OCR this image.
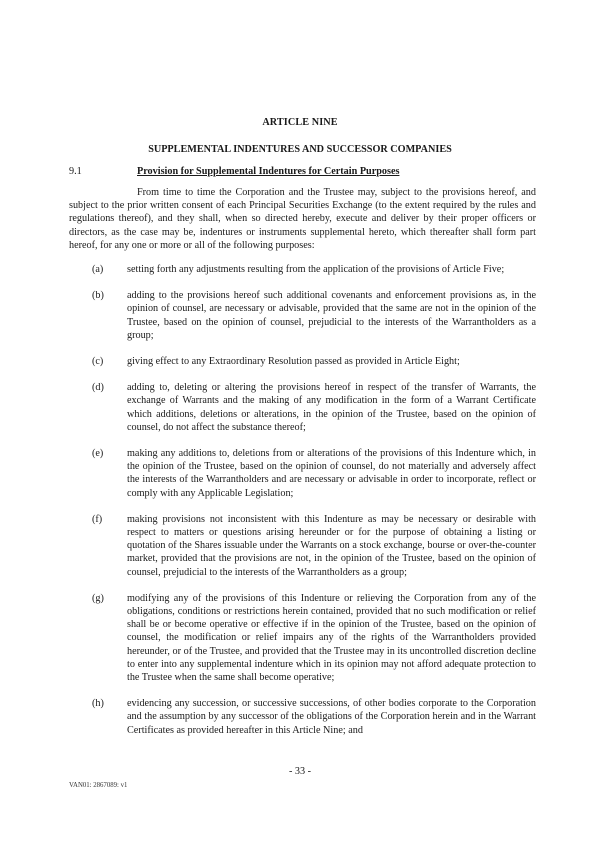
ARTICLE NINE
SUPPLEMENTAL INDENTURES AND SUCCESSOR COMPANIES
9.1	Provision for Supplemental Indentures for Certain Purposes

From time to time the Corporation and the Trustee may, subject to the provisions hereof, and subject to the prior written consent of each Principal Securities Exchange (to the extent required by the rules and regulations thereof), and they shall, when so directed hereby, execute and deliver by their proper officers or directors, as the case may be, indentures or instruments supplemental hereto, which thereafter shall form part hereof, for any one or more or all of the following purposes:

(a) setting forth any adjustments resulting from the application of the provisions of Article Five;

(b) adding to the provisions hereof such additional covenants and enforcement provisions as, in the opinion of counsel, are necessary or advisable, provided that the same are not in the opinion of the Trustee, based on the opinion of counsel, prejudicial to the interests of the Warrantholders as a group;

(c) giving effect to any Extraordinary Resolution passed as provided in Article Eight;

(d) adding to, deleting or altering the provisions hereof in respect of the transfer of Warrants, the exchange of Warrants and the making of any modification in the form of a Warrant Certificate which additions, deletions or alterations, in the opinion of the Trustee, based on the opinion of counsel, do not affect the substance thereof;

(e) making any additions to, deletions from or alterations of the provisions of this Indenture which, in the opinion of the Trustee, based on the opinion of counsel, do not materially and adversely affect the interests of the Warrantholders and are necessary or advisable in order to incorporate, reflect or comply with any Applicable Legislation;

(f) making provisions not inconsistent with this Indenture as may be necessary or desirable with respect to matters or questions arising hereunder or for the purpose of obtaining a listing or quotation of the Shares issuable under the Warrants on a stock exchange, bourse or over-the-counter market, provided that the provisions are not, in the opinion of the Trustee, based on the opinion of counsel, prejudicial to the interests of the Warrantholders as a group;

(g) modifying any of the provisions of this Indenture or relieving the Corporation from any of the obligations, conditions or restrictions herein contained, provided that no such modification or relief shall be or become operative or effective if in the opinion of the Trustee, based on the opinion of counsel, the modification or relief impairs any of the rights of the Warrantholders provided hereunder, or of the Trustee, and provided that the Trustee may in its uncontrolled discretion decline to enter into any supplemental indenture which in its opinion may not afford adequate protection to the Trustee when the same shall become operative;

(h) evidencing any succession, or successive successions, of other bodies corporate to the Corporation and the assumption by any successor of the obligations of the Corporation herein and in the Warrant Certificates as provided hereafter in this Article Nine; and

- 33 -
VAN01: 2867089: v1
